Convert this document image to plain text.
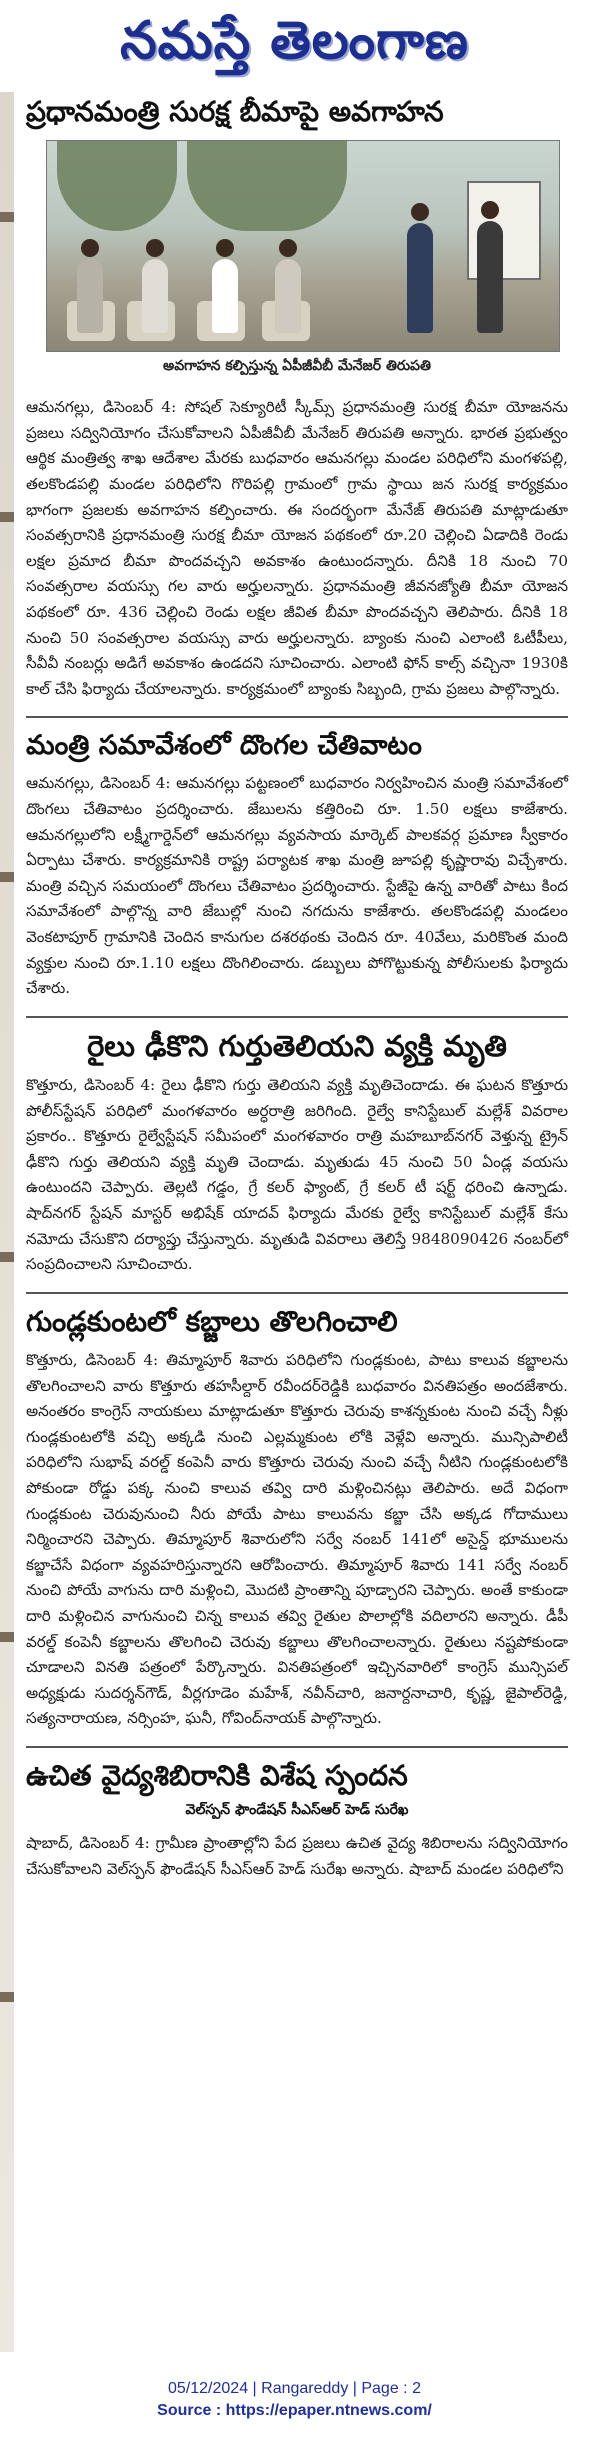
నమస్తే తెలంగాణ
ప్రధానమంత్రి సురక్ష బీమాపై అవగాహన
అవగాహన కల్పిస్తున్న ఏపీజీవీబీ మేనేజర్ తిరుపతి

ఆమనగల్లు, డిసెంబర్ 4: సోషల్ సెక్యూరిటీ స్కీమ్స్ ప్రధానమంత్రి సురక్ష బీమా యోజనను ప్రజలు సద్వినియోగం చేసుకోవాలని ఏపీజీవీబీ మేనేజర్ తిరుపతి అన్నారు. భారత ప్రభుత్వం ఆర్థిక మంత్రిత్వ శాఖ ఆదేశాల మేరకు బుధవారం ఆమనగల్లు మండల పరిధిలోని మంగళపల్లి, తలకొండపల్లి మండల పరిధిలోని గొరిపల్లి గ్రామంలో గ్రామ స్థాయి జన సురక్ష కార్యక్రమం భాగంగా ప్రజలకు అవగాహన కల్పించారు. ఈ సందర్భంగా మేనేజ్ తిరుపతి మాట్లాడుతూ సంవత్సరానికి ప్రధానమంత్రి సురక్ష బీమా యోజన పథకంలో రూ.20 చెల్లించి ఏడాదికి రెండు లక్షల ప్రమాద బీమా పొందవచ్చని అవకాశం ఉంటుందన్నారు. దీనికి 18 నుంచి 70 సంవత్సరాల వయస్సు గల వారు అర్హులన్నారు. ప్రధానమంత్రి జీవనజ్యోతి బీమా యోజన పథకంలో రూ. 436 చెల్లించి రెండు లక్షల జీవిత బీమా పొందవచ్చని తెలిపారు. దీనికి 18 నుంచి 50 సంవత్సరాల వయస్సు వారు అర్హులన్నారు. బ్యాంకు నుంచి ఎలాంటి ఓటీపీలు, సీవీవీ నంబర్లు అడిగే అవకాశం ఉండదని సూచించారు. ఎలాంటి ఫోన్ కాల్స్ వచ్చినా 1930కి కాల్ చేసి ఫిర్యాదు చేయాలన్నారు. కార్యక్రమంలో బ్యాంకు సిబ్బంది, గ్రామ ప్రజలు పాల్గొన్నారు.

మంత్రి సమావేశంలో దొంగల చేతివాటం

ఆమనగల్లు, డిసెంబర్ 4: ఆమనగల్లు పట్టణంలో బుధవారం నిర్వహించిన మంత్రి సమావేశంలో దొంగలు చేతివాటం ప్రదర్శించారు. జేబులను కత్తిరించి రూ. 1.50 లక్షలు కాజేశారు. ఆమనగల్లులోని లక్ష్మీగార్డెన్‌లో ఆమనగల్లు వ్యవసాయ మార్కెట్ పాలకవర్గ ప్రమాణ స్వీకారం ఏర్పాటు చేశారు. కార్యక్రమానికి రాష్ట్ర పర్యాటక శాఖ మంత్రి జూపల్లి కృష్ణారావు విచ్చేశారు. మంత్రి వచ్చిన సమయంలో దొంగలు చేతివాటం ప్రదర్శించారు. స్టేజీపై ఉన్న వారితో పాటు కింద సమావేశంలో పాల్గొన్న వారి జేబుల్లో నుంచి నగదును కాజేశారు. తలకొండపల్లి మండలం వెంకటాపూర్ గ్రామానికి చెందిన కానుగుల దశరథంకు చెందిన రూ. 40వేలు, మరికొంత మంది వ్యక్తుల నుంచి రూ.1.10 లక్షలు దొంగిలించారు. డబ్బులు పోగొట్టుకున్న పోలీసులకు ఫిర్యాదు చేశారు.

రైలు ఢీకొని గుర్తుతెలియని వ్యక్తి మృతి

కొత్తూరు, డిసెంబర్ 4: రైలు ఢీకొని గుర్తు తెలియని వ్యక్తి మృతిచెందాడు. ఈ ఘటన కొత్తూరు పోలీస్‌స్టేషన్ పరిధిలో మంగళవారం అర్ధరాత్రి జరిగింది. రైల్వే కానిస్టేబుల్ మల్లేశ్ వివరాల ప్రకారం.. కొత్తూరు రైల్వేస్టేషన్ సమీపంలో మంగళవారం రాత్రి మహబూబ్‌నగర్ వెళ్తున్న ట్రైన్ ఢీకొని గుర్తు తెలియని వ్యక్తి మృతి చెందాడు. మృతుడు 45 నుంచి 50 ఏండ్ల వయసు ఉంటుందని చెప్పారు. తెల్లటి గడ్డం, గ్రే కలర్ ఫ్యాంట్, గ్రే కలర్ టీ షర్ట్ ధరించి ఉన్నాడు. షాద్‌నగర్ స్టేషన్ మాస్టర్ అభిషేక్ యాదవ్ ఫిర్యాదు మేరకు రైల్వే కానిస్టేబుల్ మల్లేశ్ కేసు నమోదు చేసుకొని దర్యాప్తు చేస్తున్నారు. మృతుడి వివరాలు తెలిస్తే 9848090426 నంబర్‌లో సంప్రదించాలని సూచించారు.

గుండ్లకుంటలో కబ్జాలు తొలగించాలి

కొత్తూరు, డిసెంబర్ 4: తిమ్మాపూర్ శివారు పరిధిలోని గుండ్లకుంట, పాటు కాలువ కబ్జాలను తొలగించాలని వారు కొత్తూరు తహసీల్దార్ రవీందర్‌రెడ్డికి బుధవారం వినతిపత్రం అందజేశారు. అనంతరం కాంగ్రెస్ నాయకులు మాట్లాడుతూ కొత్తూరు చెరువు కాశన్నకుంట నుంచి వచ్చే నీళ్లు గుండ్లకుంటలోకి వచ్చి అక్కడి నుంచి ఎల్లమ్మకుంట లోకి వెళ్లేవి అన్నారు. మున్సిపాలిటీ పరిధిలోని సుభాష్ వరల్డ్ కంపెనీ వారు కొత్తూరు చెరువు నుంచి వచ్చే నీటిని గుండ్లకుంటలోకి పోకుండా రోడ్డు పక్క నుంచి కాలువ తవ్వి దారి మళ్లించినట్లు తెలిపారు. అదే విధంగా గుండ్లకుంట చెరువునుంచి నీరు పోయే పాటు కాలువను కబ్జా చేసి అక్కడ గోదాములు నిర్మించారని చెప్పారు. తిమ్మాపూర్ శివారులోని సర్వే నంబర్ 141లో అసైన్డ్ భూములను కబ్జాచేసే విధంగా వ్యవహరిస్తున్నారని ఆరోపించారు. తిమ్మాపూర్ శివారు 141 సర్వే నంబర్ నుంచి పోయే వాగును దారి మళ్లించి, మొదటి ప్రాంతాన్ని పూడ్చారని చెప్పారు. అంతే కాకుండా దారి మళ్లించిన వాగునుంచి చిన్న కాలువ తవ్వి రైతుల పొలాల్లోకి వదిలారని అన్నారు. డీపీ వరల్డ్ కంపెనీ కబ్జాలను తొలగించి చెరువు కబ్జాలు తొలగించాలన్నారు. రైతులు నష్టపోకుండా చూడాలని వినతి పత్రంలో పేర్కొన్నారు. వినతిపత్రంలో ఇచ్చినవారిలో కాంగ్రెస్ మున్సిపల్ అధ్యక్షుడు సుదర్శన్‌గౌడ్, వీర్లగూడెం మహేశ్, నవీన్‌చారి, జనార్దనాచారి, కృష్ణ, జైపాల్‌రెడ్డి, సత్యనారాయణ, నర్సింహ, ఘనీ, గోవింద్‌నాయక్ పాల్గొన్నారు.

ఉచిత వైద్యశిబిరానికి విశేష స్పందన
వెల్‌స్పన్ ఫౌండేషన్ సీఎస్‌ఆర్ హెడ్ సురేఖ

షాబాద్, డిసెంబర్ 4: గ్రామీణ ప్రాంతాల్లోని పేద ప్రజలు ఉచిత వైద్య శిబిరాలను సద్వినియోగం చేసుకోవాలని వెల్‌స్పన్ ఫౌండేషన్ సీఎస్‌ఆర్ హెడ్ సురేఖ అన్నారు. షాబాద్ మండల పరిధిలోని

05/12/2024 | Rangareddy | Page : 2
Source : https://epaper.ntnews.com/
